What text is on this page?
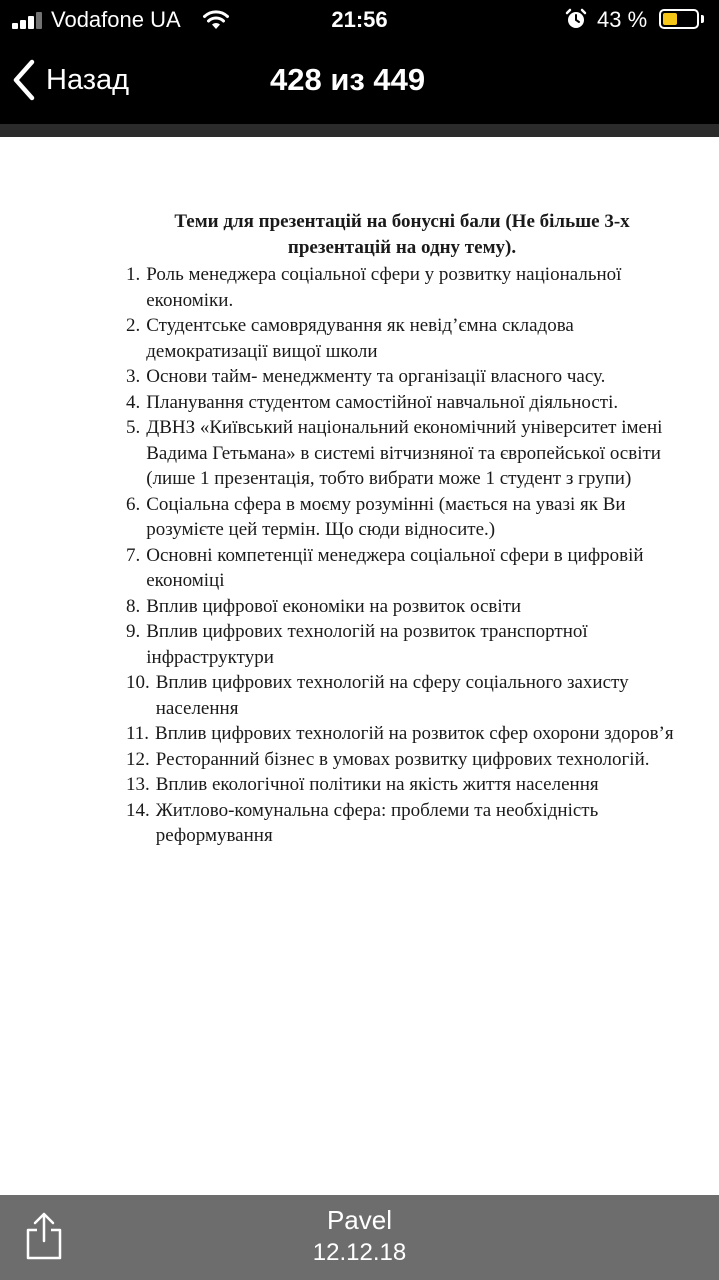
Vodafone UA	21:56	43 %
Назад	428 из 449
Теми для презентацій на бонусні бали (Не більше 3-х презентацій на одну тему).
1. Роль менеджера соціальної сфери у розвитку національної економіки.
2. Студентське самоврядування як невід’ємна складова демократизації вищої школи
3. Основи тайм- менеджменту та організації власного часу.
4. Планування студентом самостійної навчальної діяльності.
5. ДВНЗ «Київський національний економічний університет імені Вадима Гетьмана» в системі вітчизняної та європейської освіти (лише 1 презентація, тобто вибрати може 1 студент з групи)
6. Соціальна сфера в моєму розумінні (мається на увазі як Ви розумієте цей термін. Що сюди відносите.)
7. Основні компетенції менеджера соціальної сфери в цифровій економіці
8. Вплив цифрової економіки на розвиток освіти
9. Вплив цифрових технологій на розвиток транспортної інфраструктури
10. Вплив цифрових технологій на сферу соціального захисту населення
11. Вплив цифрових технологій на розвиток сфер охорони здоров’я
12. Ресторанний бізнес в умовах розвитку цифрових технологій.
13. Вплив екологічної політики на якість життя населення
14. Житлово-комунальна сфера: проблеми та необхідність реформування
Pavel
12.12.18
